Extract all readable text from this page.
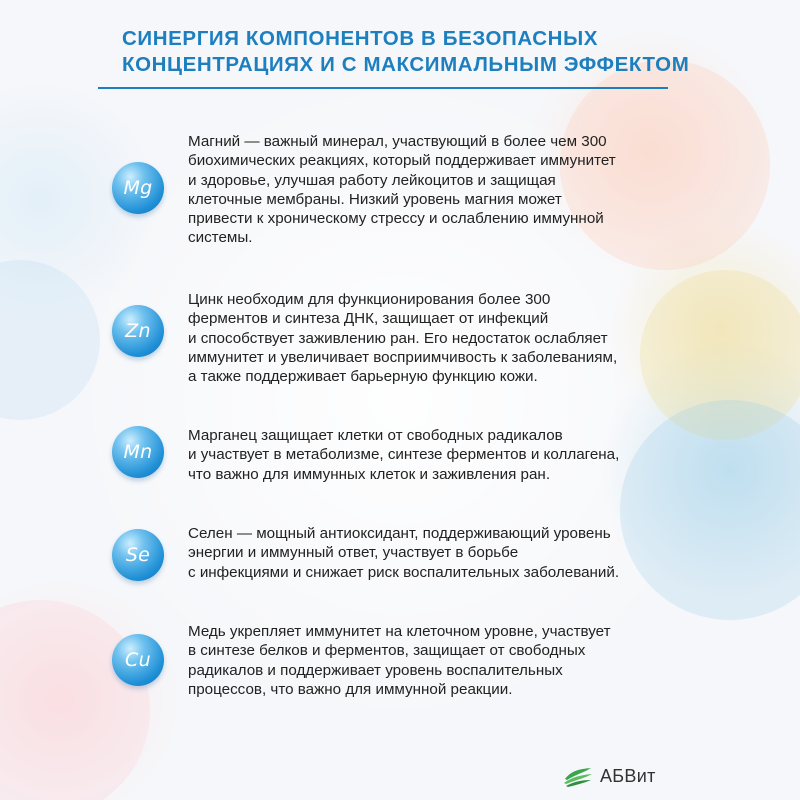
СИНЕРГИЯ КОМПОНЕНТОВ В БЕЗОПАСНЫХ
КОНЦЕНТРАЦИЯХ И С МАКСИМАЛЬНЫМ ЭФФЕКТОМ
Mg
Магний — важный минерал, участвующий в более чем 300
биохимических реакциях, который поддерживает иммунитет
и здоровье, улучшая работу лейкоцитов и защищая
клеточные мембраны. Низкий уровень магния может
привести к хроническому стрессу и ослаблению иммунной
системы.
Zn
Цинк необходим для функционирования более 300
ферментов и синтеза ДНК, защищает от инфекций
и способствует заживлению ран. Его недостаток ослабляет
иммунитет и увеличивает восприимчивость к заболеваниям,
а также поддерживает барьерную функцию кожи.
Mn
Марганец защищает клетки от свободных радикалов
и участвует в метаболизме, синтезе ферментов и коллагена,
что важно для иммунных клеток и заживления ран.
Se
Селен — мощный антиоксидант, поддерживающий уровень
энергии и иммунный ответ, участвует в борьбе
с инфекциями и снижает риск воспалительных заболеваний.
Cu
Медь укрепляет иммунитет на клеточном уровне, участвует
в синтезе белков и ферментов, защищает от свободных
радикалов и поддерживает уровень воспалительных
процессов, что важно для иммунной реакции.
АБВит
